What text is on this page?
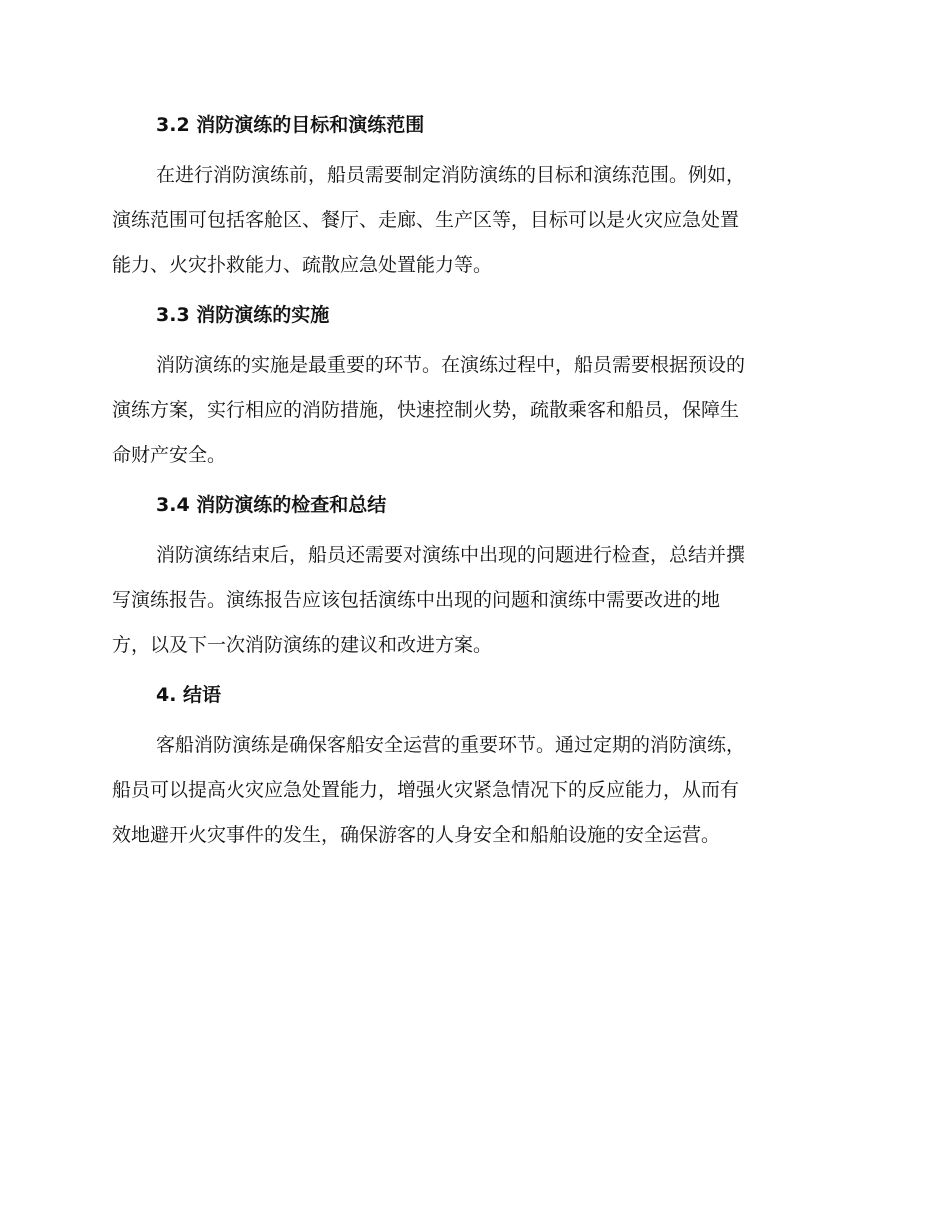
3.2 消防演练的目标和演练范围
在进行消防演练前，船员需要制定消防演练的目标和演练范围。例如，
演练范围可包括客舱区、餐厅、走廊、生产区等，目标可以是火灾应急处置
能力、火灾扑救能力、疏散应急处置能力等。
3.3 消防演练的实施
消防演练的实施是最重要的环节。在演练过程中，船员需要根据预设的
演练方案，实行相应的消防措施，快速控制火势，疏散乘客和船员，保障生
命财产安全。
3.4 消防演练的检查和总结
消防演练结束后，船员还需要对演练中出现的问题进行检查，总结并撰
写演练报告。演练报告应该包括演练中出现的问题和演练中需要改进的地
方，以及下一次消防演练的建议和改进方案。
4. 结语
客船消防演练是确保客船安全运营的重要环节。通过定期的消防演练，
船员可以提高火灾应急处置能力，增强火灾紧急情况下的反应能力，从而有
效地避开火灾事件的发生，确保游客的人身安全和船舶设施的安全运营。
